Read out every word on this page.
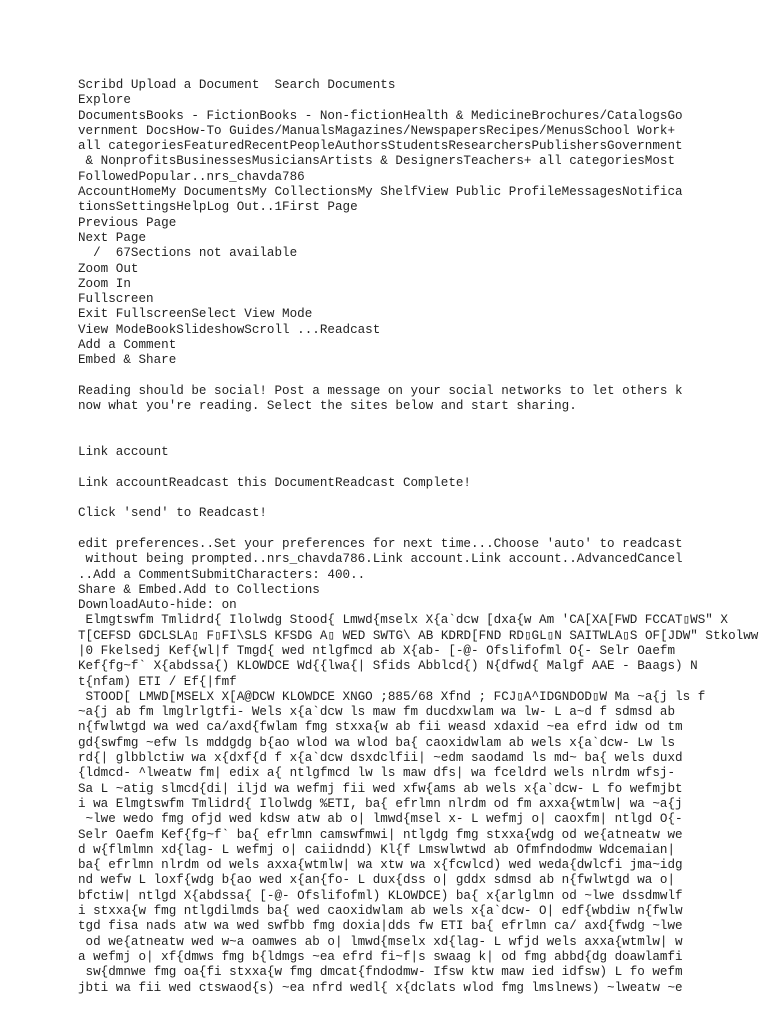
Scribd Upload a Document  Search Documents
Explore
DocumentsBooks - FictionBooks - Non-fictionHealth & MedicineBrochures/CatalogsGo
vernment DocsHow-To Guides/ManualsMagazines/NewspapersRecipes/MenusSchool Work+
all categoriesFeaturedRecentPeopleAuthorsStudentsResearchersPublishersGovernment
& NonprofitsBusinessesMusiciansArtists & DesignersTeachers+ all categoriesMost
FollowedPopular..nrs_chavda786
AccountHomeMy DocumentsMy CollectionsMy ShelfView Public ProfileMessagesNotifica
tionsSettingsHelpLog Out..1First Page
Previous Page
Next Page
/  67Sections not available
Zoom Out
Zoom In
Fullscreen
Exit FullscreenSelect View Mode
View ModeBookSlideshowScroll ...Readcast
Add a Comment
Embed & Share
Reading should be social! Post a message on your social networks to let others k
now what you're reading. Select the sites below and start sharing.
Link account
Link accountReadcast this DocumentReadcast Complete!
Click 'send' to Readcast!
edit preferences..Set your preferences for next time...Choose 'auto' to readcast
without being prompted..nrs_chavda786.Link account.Link account..AdvancedCancel
..Add a CommentSubmitCharacters: 400..
Share & Embed.Add to Collections
DownloadAuto-hide: on
Elmgtswfm Tmlidrd{ Ilolwdg Stood{ Lmwd{mselx X{a`dcw [dxa{w Am 'CA[XA[FWD FCCAT▯WS" X
T[CEFSD GDCLSLA▯ F▯FI\SLS KFSDG A▯ WED SWTG\ AB KDRD[FND RD▯GL▯N SAITWLA▯S OF[JDW" Stkolww
|0 Fkelsedj Kef{wl|f Tmgd{ wed ntlgfmcd ab X{ab- [-@- Ofslifofml O{- Selr Oaefm
Kef{fg~f` X{abdssa{) KLOWDCE Wd{{lwa{| Sfids Abblcd{) N{dfwd{ Malgf AAE - Baags) N
t{nfam) ETI / Ef{|fmf
STOOD[ LMWD[MSELX X[A@DCW KLOWDCE XNGO ;885/68 Xfnd ; FCJ▯A^IDGNDOD▯W Ma ~a{j ls f
~a{j ab fm lmglrlgtfi- Wels x{a`dcw ls maw fm ducdxwlam wa lw- L a~d f sdmsd ab
n{fwlwtgd wa wed ca/axd{fwlam fmg stxxa{w ab fii weasd xdaxid ~ea efrd idw od tm
gd{swfmg ~efw ls mddgdg b{ao wlod wa wlod ba{ caoxidwlam ab wels x{a`dcw- Lw ls
rd{| glbblctiw wa x{dxf{d f x{a`dcw dsxdclfii| ~edm saodamd ls md~ ba{ wels duxd
{ldmcd- ^lweatw fm| edix a{ ntlgfmcd lw ls maw dfs| wa fceldrd wels nlrdm wfsj-
Sa L ~atig slmcd{di| iljd wa wefmj fii wed xfw{ams ab wels x{a`dcw- L fo wefmjbt
i wa Elmgtswfm Tmlidrd{ Ilolwdg %ETI, ba{ efrlmn nlrdm od fm axxa{wtmlw| wa ~a{j
~lwe wedo fmg ofjd wed kdsw atw ab o| lmwd{msel x- L wefmj o| caoxfm| ntlgd O{-
Selr Oaefm Kef{fg~f` ba{ efrlmn camswfmwi| ntlgdg fmg stxxa{wdg od we{atneatw we
d w{flmlmn xd{lag- L wefmj o| caiidndd) Kl{f Lmswlwtwd ab Ofmfndodmw Wdcemaian|
ba{ efrlmn nlrdm od wels axxa{wtmlw| wa xtw wa x{fcwlcd) wed weda{dwlcfi jma~idg
nd wefw L loxf{wdg b{ao wed x{an{fo- L dux{dss o| gddx sdmsd ab n{fwlwtgd wa o|
bfctiw| ntlgd X{abdssa{ [-@- Ofslifofml) KLOWDCE) ba{ x{arlglmn od ~lwe dssdmwlf
i stxxa{w fmg ntlgdilmds ba{ wed caoxidwlam ab wels x{a`dcw- O| edf{wbdiw n{fwlw
tgd fisa nads atw wa wed swfbb fmg doxia|dds fw ETI ba{ efrlmn ca/ axd{fwdg ~lwe
od we{atneatw wed w~a oamwes ab o| lmwd{mselx xd{lag- L wfjd wels axxa{wtmlw| w
a wefmj o| xf{dmws fmg b{ldmgs ~ea efrd fi~f|s swaag k| od fmg abbd{dg doawlamfi
sw{dmnwe fmg oa{fi stxxa{w fmg dmcat{fndodmw- Ifsw ktw maw ied idfsw) L fo wefm
jbti wa fii wed ctswaod{s) ~ea nfrd wedl{ x{dclats wlod fmg lmslnews) ~lweatw ~e
